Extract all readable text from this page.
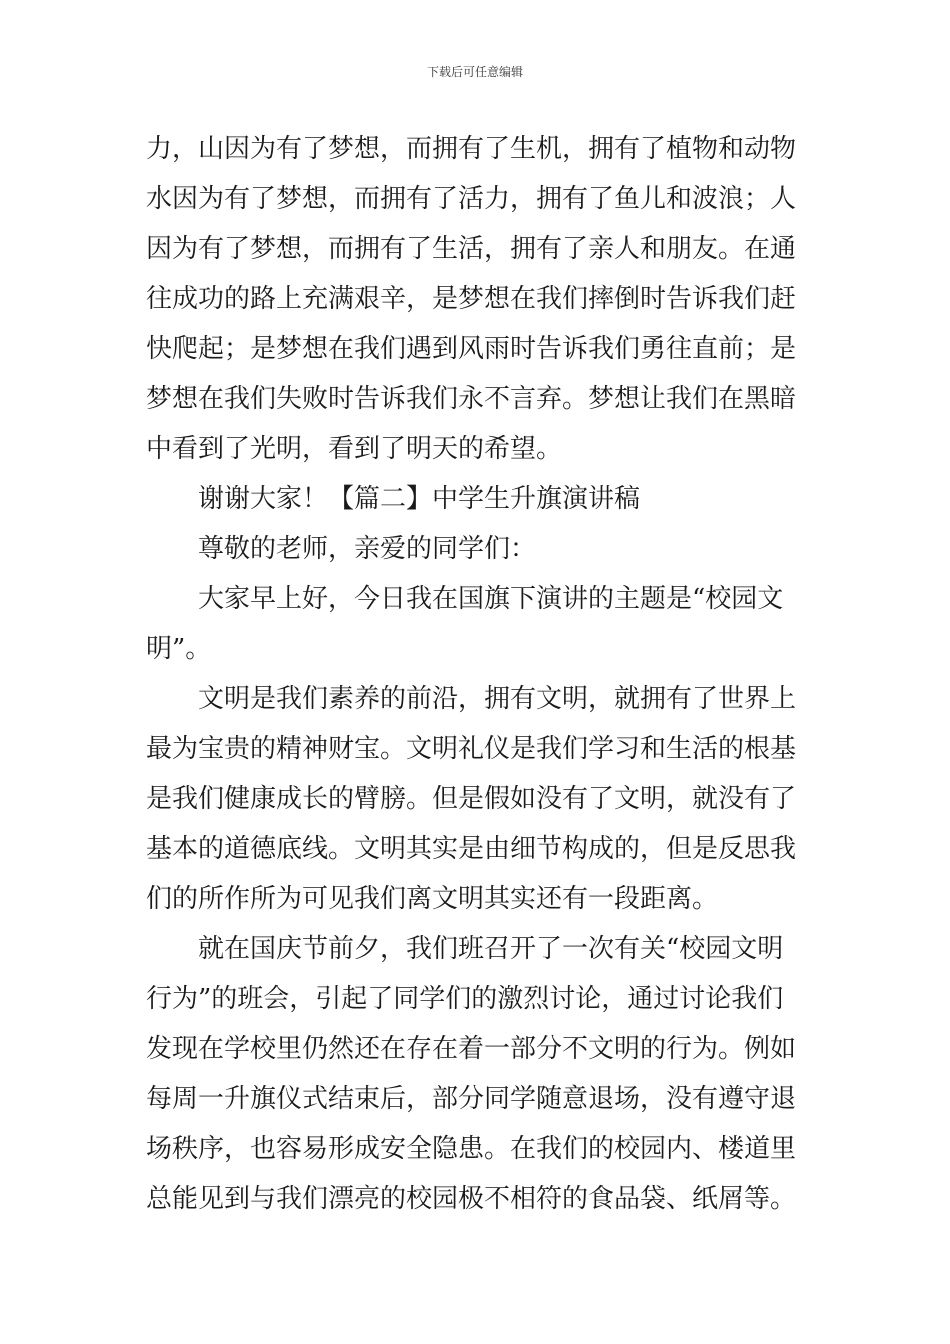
下载后可任意编辑
力，山因为有了梦想，而拥有了生机，拥有了植物和动物
水因为有了梦想，而拥有了活力，拥有了鱼儿和波浪；人
因为有了梦想，而拥有了生活，拥有了亲人和朋友。在通
往成功的路上充满艰辛，是梦想在我们摔倒时告诉我们赶
快爬起；是梦想在我们遇到风雨时告诉我们勇往直前；是
梦想在我们失败时告诉我们永不言弃。梦想让我们在黑暗
中看到了光明，看到了明天的希望。
谢谢大家！【篇二】中学生升旗演讲稿
尊敬的老师，亲爱的同学们：
大家早上好，今日我在国旗下演讲的主题是“校园文
明”。
文明是我们素养的前沿，拥有文明，就拥有了世界上
最为宝贵的精神财宝。文明礼仪是我们学习和生活的根基
是我们健康成长的臂膀。但是假如没有了文明，就没有了
基本的道德底线。文明其实是由细节构成的，但是反思我
们的所作所为可见我们离文明其实还有一段距离。
就在国庆节前夕，我们班召开了一次有关“校园文明
行为”的班会，引起了同学们的激烈讨论，通过讨论我们
发现在学校里仍然还在存在着一部分不文明的行为。例如
每周一升旗仪式结束后，部分同学随意退场，没有遵守退
场秩序，也容易形成安全隐患。在我们的校园内、楼道里
总能见到与我们漂亮的校园极不相符的食品袋、纸屑等。
